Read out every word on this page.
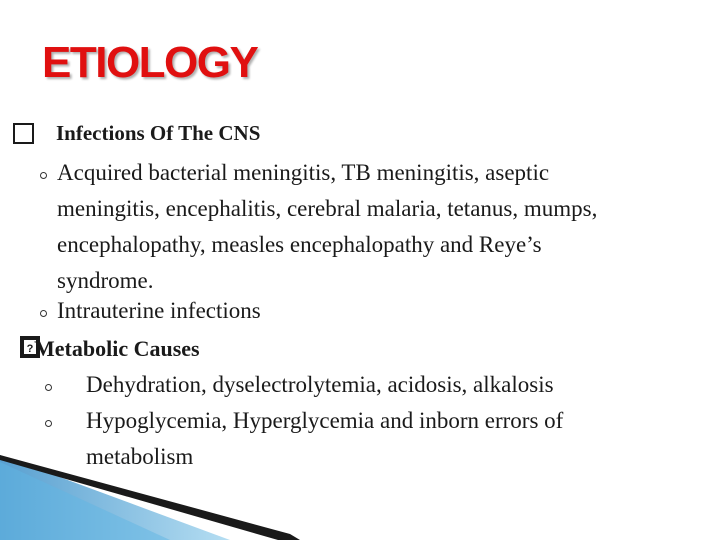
ETIOLOGY
Infections Of The CNS
Acquired bacterial meningitis, TB meningitis, aseptic
meningitis, encephalitis, cerebral malaria, tetanus, mumps,
encephalopathy, measles encephalopathy and Reye’s
syndrome.
Intrauterine infections
? Metabolic Causes
Dehydration, dyselectrolytemia, acidosis, alkalosis
Hypoglycemia, Hyperglycemia and inborn errors of
metabolism
